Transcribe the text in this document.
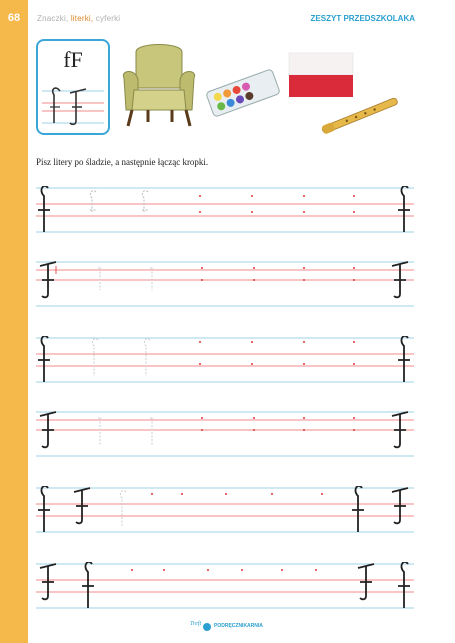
68	Znaczki, literki, cyferki	ZESZYT PRZEDSZKOLAKA
fF
Pisz litery po śladzie, a następnie łącząc kropki.
Treft	PODRĘCZNIKARNIA
